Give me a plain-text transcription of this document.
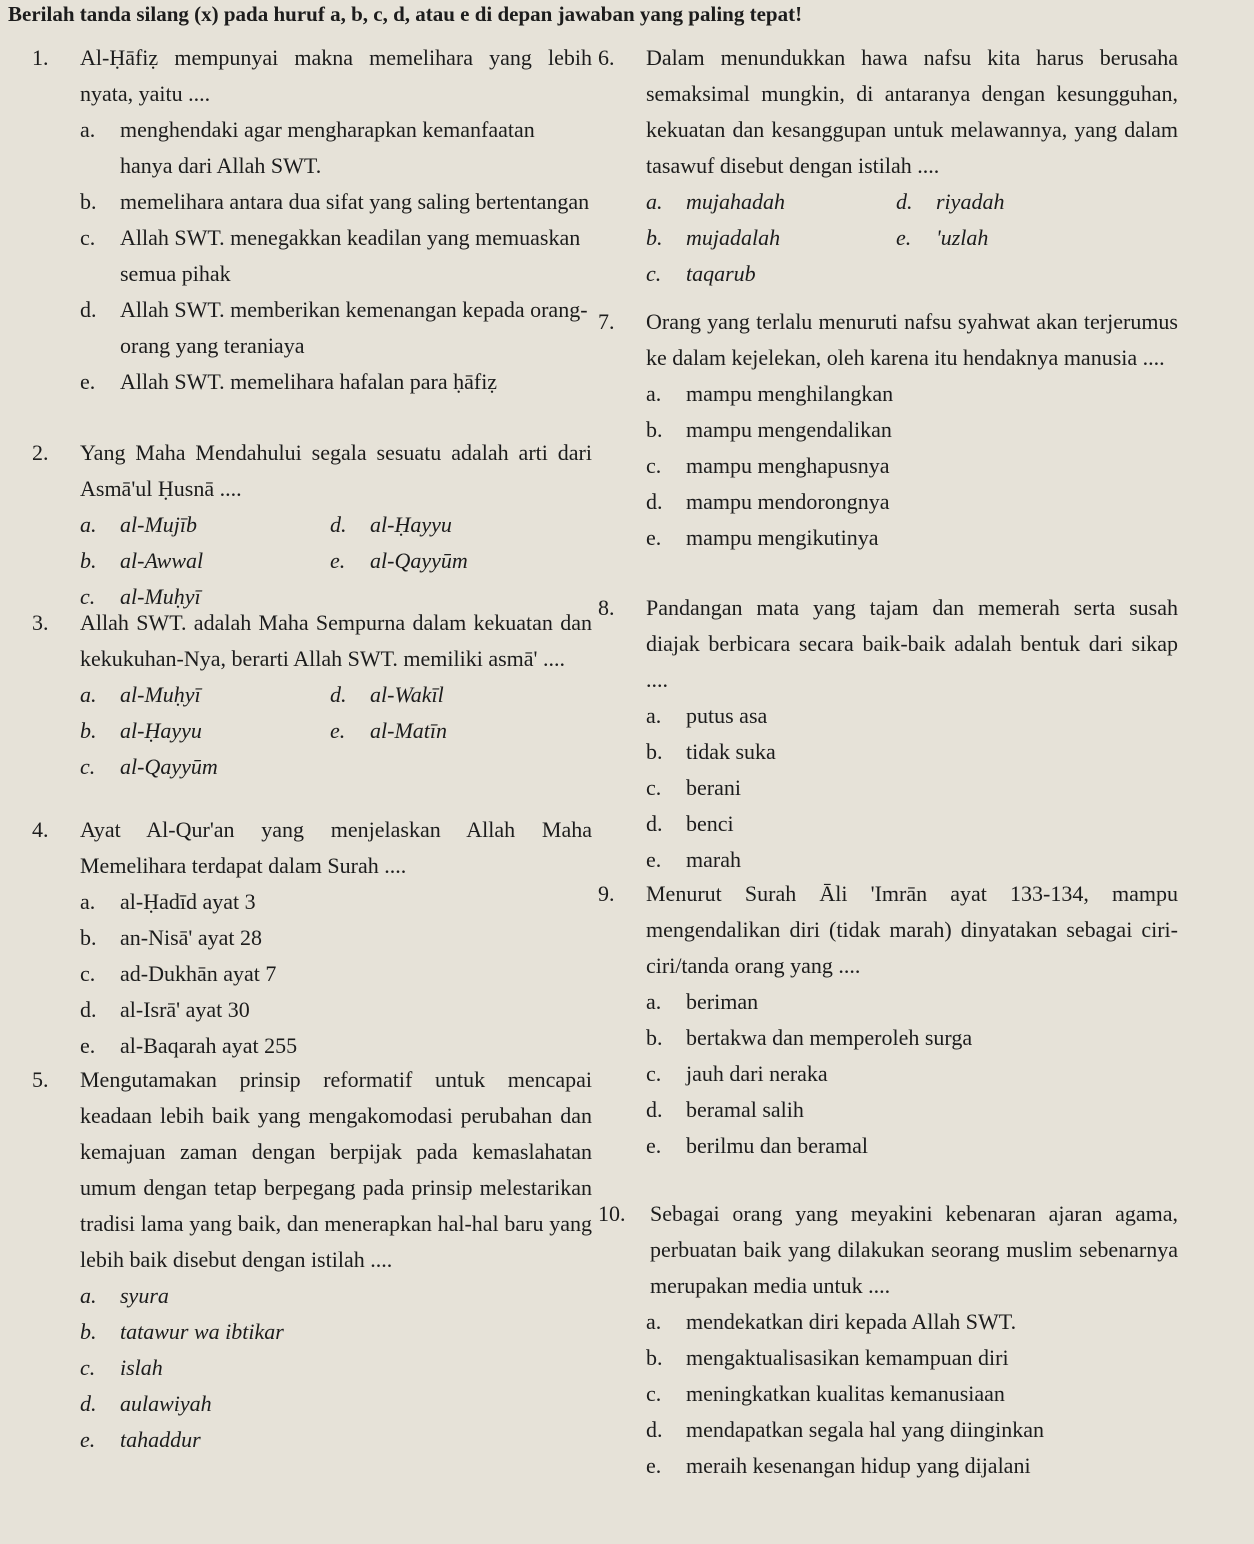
Berilah tanda silang (x) pada huruf a, b, c, d, atau e di depan jawaban yang paling tepat!
1.	Al-Ḥāfiẓ mempunyai makna memelihara yang lebih nyata, yaitu ....
a.	menghendaki agar mengharapkan kemanfaatan hanya dari Allah SWT.
b.	memelihara antara dua sifat yang saling bertentangan
c.	Allah SWT. menegakkan keadilan yang memuaskan semua pihak
d.	Allah SWT. memberikan kemenangan kepada orang-orang yang teraniaya
e.	Allah SWT. memelihara hafalan para ḥāfiẓ
2.	Yang Maha Mendahului segala sesuatu adalah arti dari Asmā'ul Ḥusnā ....
a.	al-Mujīb	d.	al-Ḥayyu
b.	al-Awwal	e.	al-Qayyūm
c.	al-Muḥyī
3.	Allah SWT. adalah Maha Sempurna dalam kekuatan dan kekukuhan-Nya, berarti Allah SWT. memiliki asmā' ....
a.	al-Muḥyī	d.	al-Wakīl
b.	al-Ḥayyu	e.	al-Matīn
c.	al-Qayyūm
4.	Ayat Al-Qur'an yang menjelaskan Allah Maha Memelihara terdapat dalam Surah ....
a.	al-Ḥadīd ayat 3
b.	an-Nisā' ayat 28
c.	ad-Dukhān ayat 7
d.	al-Isrā' ayat 30
e.	al-Baqarah ayat 255
5.	Mengutamakan prinsip reformatif untuk mencapai keadaan lebih baik yang mengakomodasi perubahan dan kemajuan zaman dengan berpijak pada kemaslahatan umum dengan tetap berpegang pada prinsip melestarikan tradisi lama yang baik, dan menerapkan hal-hal baru yang lebih baik disebut dengan istilah ....
a.	syura
b.	tatawur wa ibtikar
c.	islah
d.	aulawiyah
e.	tahaddur
6.	Dalam menundukkan hawa nafsu kita harus berusaha semaksimal mungkin, di antaranya dengan kesungguhan, kekuatan dan kesanggupan untuk melawannya, yang dalam tasawuf disebut dengan istilah ....
a.	mujahadah	d.	riyadah
b.	mujadalah	e.	'uzlah
c.	taqarub
7.	Orang yang terlalu menuruti nafsu syahwat akan terjerumus ke dalam kejelekan, oleh karena itu hendaknya manusia ....
a.	mampu menghilangkan
b.	mampu mengendalikan
c.	mampu menghapusnya
d.	mampu mendorongnya
e.	mampu mengikutinya
8.	Pandangan mata yang tajam dan memerah serta susah diajak berbicara secara baik-baik adalah bentuk dari sikap ....
a.	putus asa
b.	tidak suka
c.	berani
d.	benci
e.	marah
9.	Menurut Surah Āli 'Imrān ayat 133-134, mampu mengendalikan diri (tidak marah) dinyatakan sebagai ciri-ciri/tanda orang yang ....
a.	beriman
b.	bertakwa dan memperoleh surga
c.	jauh dari neraka
d.	beramal salih
e.	berilmu dan beramal
10.	Sebagai orang yang meyakini kebenaran ajaran agama, perbuatan baik yang dilakukan seorang muslim sebenarnya merupakan media untuk ....
a.	mendekatkan diri kepada Allah SWT.
b.	mengaktualisasikan kemampuan diri
c.	meningkatkan kualitas kemanusiaan
d.	mendapatkan segala hal yang diinginkan
e.	meraih kesenangan hidup yang dijalani
